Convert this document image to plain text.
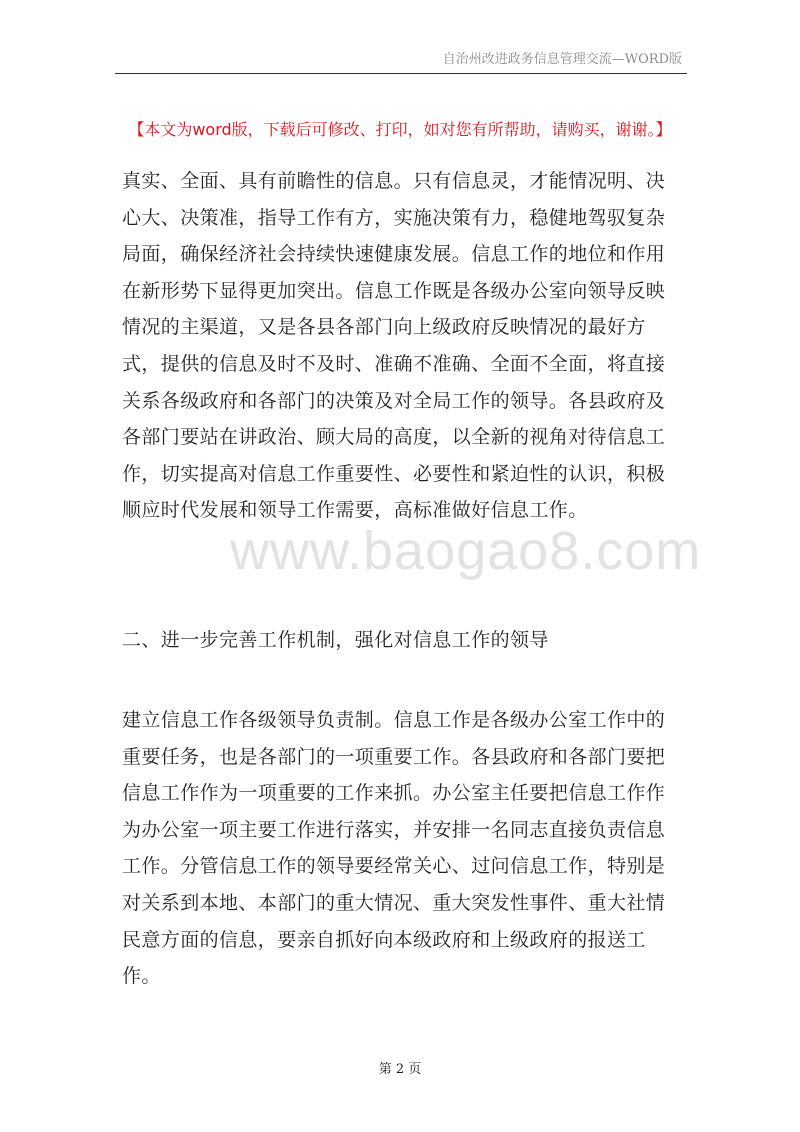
自治州改进政务信息管理交流—WORD版
【本文为word版，下载后可修改、打印，如对您有所帮助，请购买，谢谢。】
真实、全面、具有前瞻性的信息。只有信息灵，才能情况明、决心大、决策准，指导工作有方，实施决策有力，稳健地驾驭复杂局面，确保经济社会持续快速健康发展。信息工作的地位和作用在新形势下显得更加突出。信息工作既是各级办公室向领导反映情况的主渠道，又是各县各部门向上级政府反映情况的最好方式，提供的信息及时不及时、准确不准确、全面不全面，将直接关系各级政府和各部门的决策及对全局工作的领导。各县政府及各部门要站在讲政治、顾大局的高度，以全新的视角对待信息工作，切实提高对信息工作重要性、必要性和紧迫性的认识，积极顺应时代发展和领导工作需要，高标准做好信息工作。
www.baogao8.com
二、进一步完善工作机制，强化对信息工作的领导
建立信息工作各级领导负责制。信息工作是各级办公室工作中的重要任务，也是各部门的一项重要工作。各县政府和各部门要把信息工作作为一项重要的工作来抓。办公室主任要把信息工作作为办公室一项主要工作进行落实，并安排一名同志直接负责信息工作。分管信息工作的领导要经常关心、过问信息工作，特别是对关系到本地、本部门的重大情况、重大突发性事件、重大社情民意方面的信息，要亲自抓好向本级政府和上级政府的报送工作。
第 2 页
